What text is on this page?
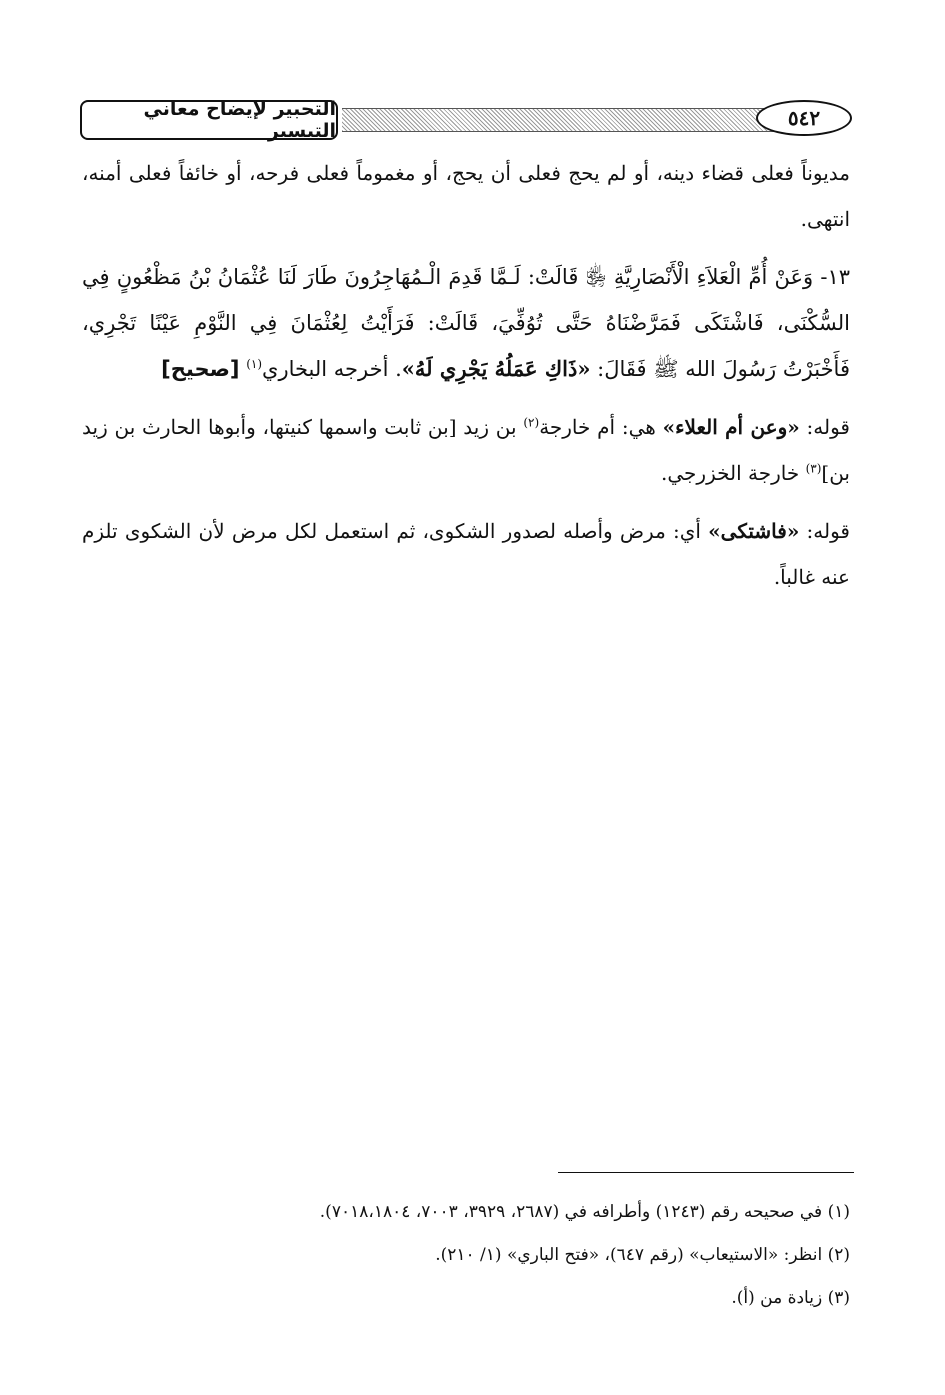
التحبير لإيضاح معاني التيسير
٥٤٢

مديوناً فعلى قضاء دينه، أو لم يحج فعلى أن يحج، أو مغموماً فعلى فرحه، أو خائفاً فعلى أمنه، انتهى.

١٣- وَعَنْ أُمِّ الْعَلاَءِ الْأَنْصَارِيَّةِ ﵂ قَالَتْ: لَـمَّا قَدِمَ الْـمُهَاجِرُونَ طَارَ لَنَا عُثْمَانُ بْنُ مَظْعُونٍ فِي السُّكْنَى، فَاشْتَكَى فَمَرَّضْنَاهُ حَتَّى تُوُفِّيَ، قَالَتْ: فَرَأَيْتُ لِعُثْمَانَ فِي النَّوْمِ عَيْنًا تَجْرِي، فَأَخْبَرْتُ رَسُولَ الله ﷺ فَقَالَ: «ذَاكِ عَمَلُهُ يَجْرِي لَهُ». أخرجه البخاري$^{(١)}$ [صحيح]

قوله: «وعن أم العلاء» هي: أم خارجة$^{(٢)}$ بن زيد [بن ثابت واسمها كنيتها، وأبوها الحارث بن زيد بن]$^{(٣)}$ خارجة الخزرجي.

قوله: «فاشتكى» أي: مرض وأصله لصدور الشكوى، ثم استعمل لكل مرض لأن الشكوى تلزم عنه غالباً.

(١) في صحيحه رقم (١٢٤٣) وأطرافه في (٢٦٨٧، ٣٩٢٩، ٧٠٠٣، ٧٠١٨،١٨٠٤).
(٢) انظر: «الاستيعاب» (رقم ٦٤٧)، «فتح الباري» (١/ ٢١٠).
(٣) زيادة من (أ).
